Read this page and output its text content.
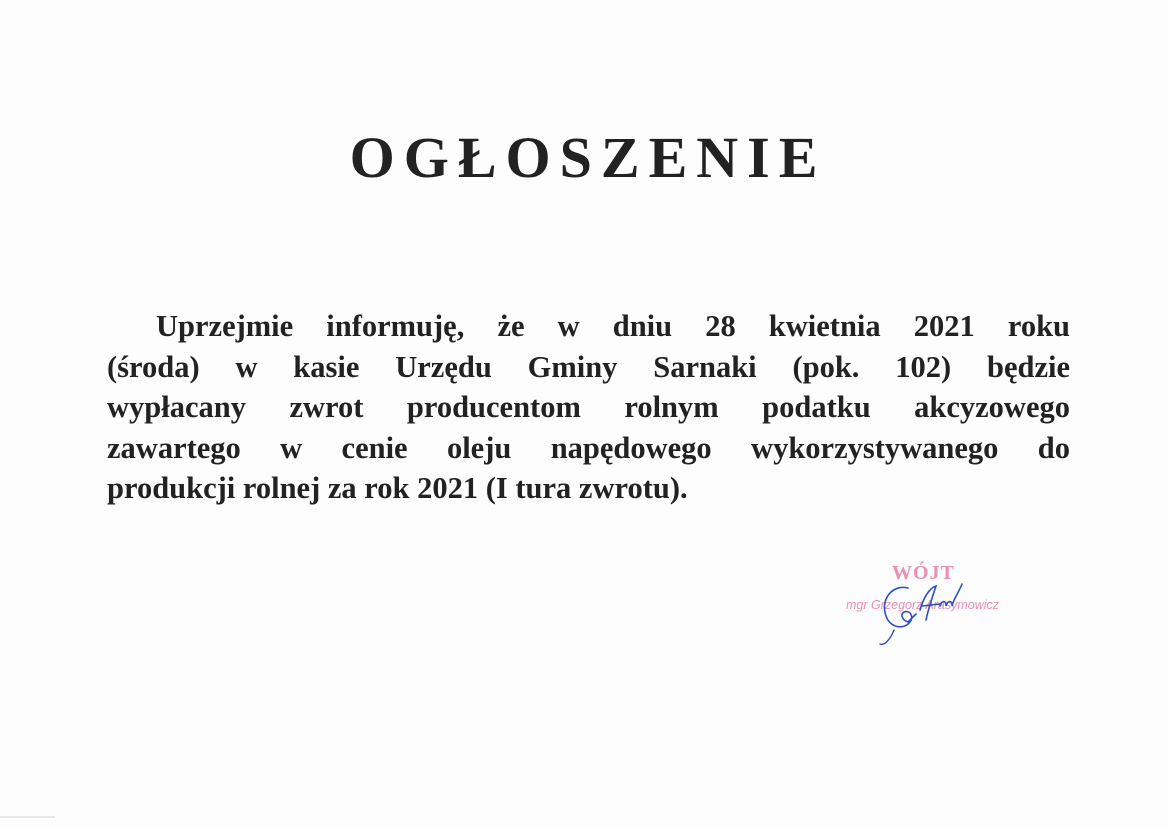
OGŁOSZENIE
Uprzejmie informuję, że w dniu 28 kwietnia 2021 roku
(środa) w kasie Urzędu Gminy Sarnaki (pok. 102) będzie
wypłacany zwrot producentom rolnym podatku akcyzowego
zawartego w cenie oleju napędowego wykorzystywanego do
produkcji rolnej za rok 2021 (I tura zwrotu).
WÓJT
mgr Grzegorz Arasymowicz
